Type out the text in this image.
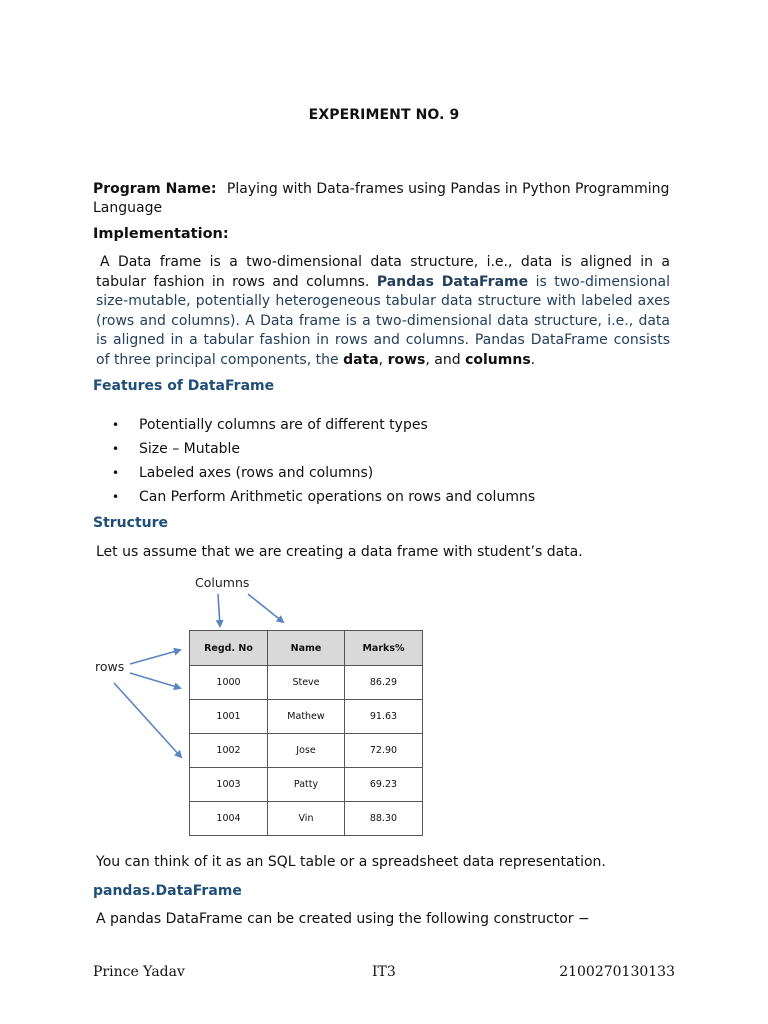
EXPERIMENT NO. 9
Program Name: Playing with Data-frames using Pandas in Python Programming Language
Implementation:
A Data frame is a two-dimensional data structure, i.e., data is aligned in a tabular fashion in rows and columns. Pandas DataFrame is two-dimensional size-mutable, potentially heterogeneous tabular data structure with labeled axes (rows and columns). A Data frame is a two-dimensional data structure, i.e., data is aligned in a tabular fashion in rows and columns. Pandas DataFrame consists of three principal components, the data, rows, and columns.
Features of DataFrame
• Potentially columns are of different types
• Size – Mutable
• Labeled axes (rows and columns)
• Can Perform Arithmetic operations on rows and columns
Structure
Let us assume that we are creating a data frame with student’s data.
Columns
rows
Regd. No	Name	Marks%
1000	Steve	86.29
1001	Mathew	91.63
1002	Jose	72.90
1003	Patty	69.23
1004	Vin	88.30
You can think of it as an SQL table or a spreadsheet data representation.
pandas.DataFrame
A pandas DataFrame can be created using the following constructor −
Prince Yadav	IT3	2100270130133
